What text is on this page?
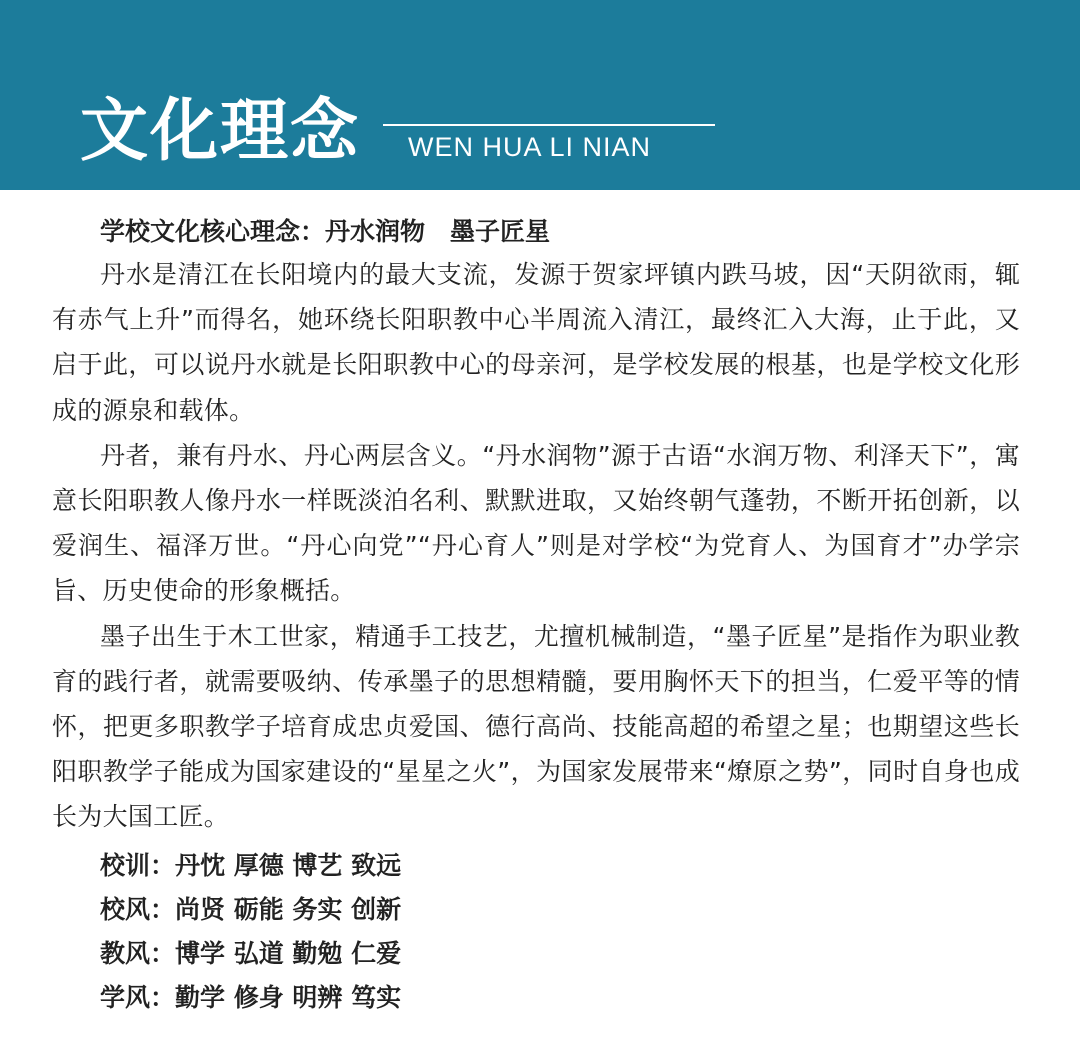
文化理念 WEN HUA LI NIAN
学校文化核心理念：丹水润物　墨子匠星

丹水是清江在长阳境内的最大支流，发源于贺家坪镇内跌马坡，因“天阴欲雨，辄有赤气上升”而得名，她环绕长阳职教中心半周流入清江，最终汇入大海，止于此，又启于此，可以说丹水就是长阳职教中心的母亲河，是学校发展的根基，也是学校文化形成的源泉和载体。

丹者，兼有丹水、丹心两层含义。“丹水润物”源于古语“水润万物、利泽天下”，寓意长阳职教人像丹水一样既淡泊名利、默默进取，又始终朝气蓬勃，不断开拓创新，以爱润生、福泽万世。“丹心向党”“丹心育人”则是对学校“为党育人、为国育才”办学宗旨、历史使命的形象概括。

墨子出生于木工世家，精通手工技艺，尤擅机械制造，“墨子匠星”是指作为职业教育的践行者，就需要吸纳、传承墨子的思想精髓，要用胸怀天下的担当，仁爱平等的情怀，把更多职教学子培育成忠贞爱国、德行高尚、技能高超的希望之星；也期望这些长阳职教学子能成为国家建设的“星星之火”，为国家发展带来“燎原之势”，同时自身也成长为大国工匠。

校训：丹忱 厚德 博艺 致远
校风：尚贤 砺能 务实 创新
教风：博学 弘道 勤勉 仁爱
学风：勤学 修身 明辨 笃实
